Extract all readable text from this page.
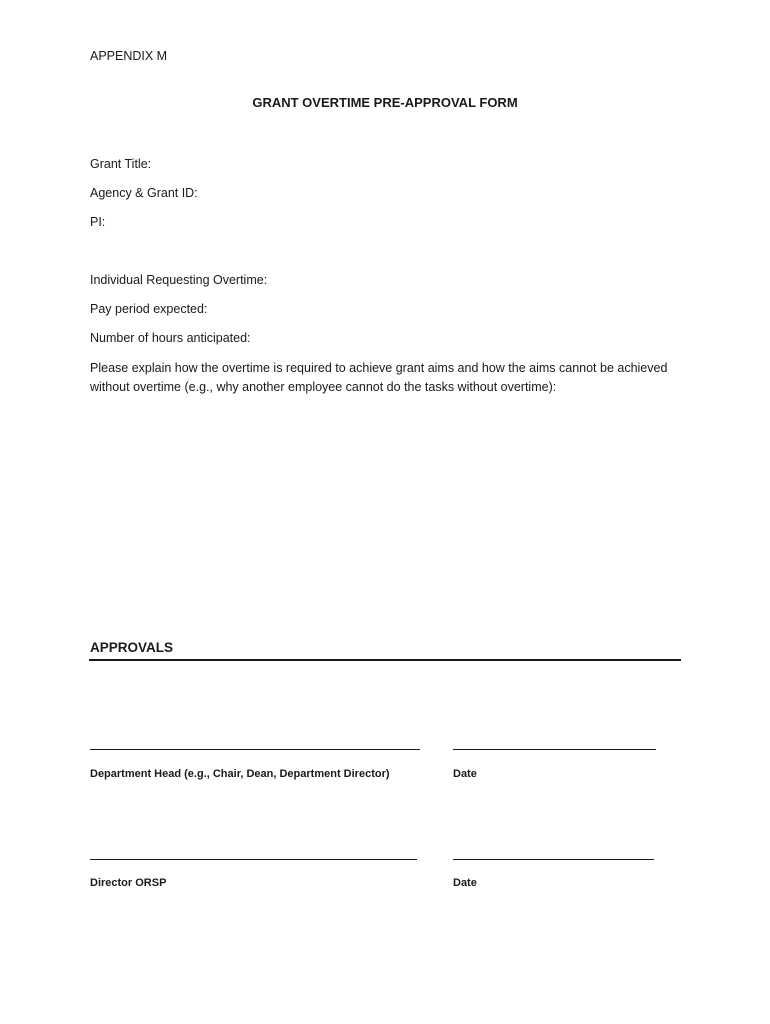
APPENDIX M
GRANT OVERTIME PRE-APPROVAL FORM
Grant Title:
Agency & Grant ID:
PI:
Individual Requesting Overtime:
Pay period expected:
Number of hours anticipated:
Please explain how the overtime is required to achieve grant aims and how the aims cannot be achieved without overtime (e.g., why another employee cannot do the tasks without overtime):
APPROVALS
Department Head (e.g., Chair, Dean, Department Director)	Date
Director ORSP	Date
